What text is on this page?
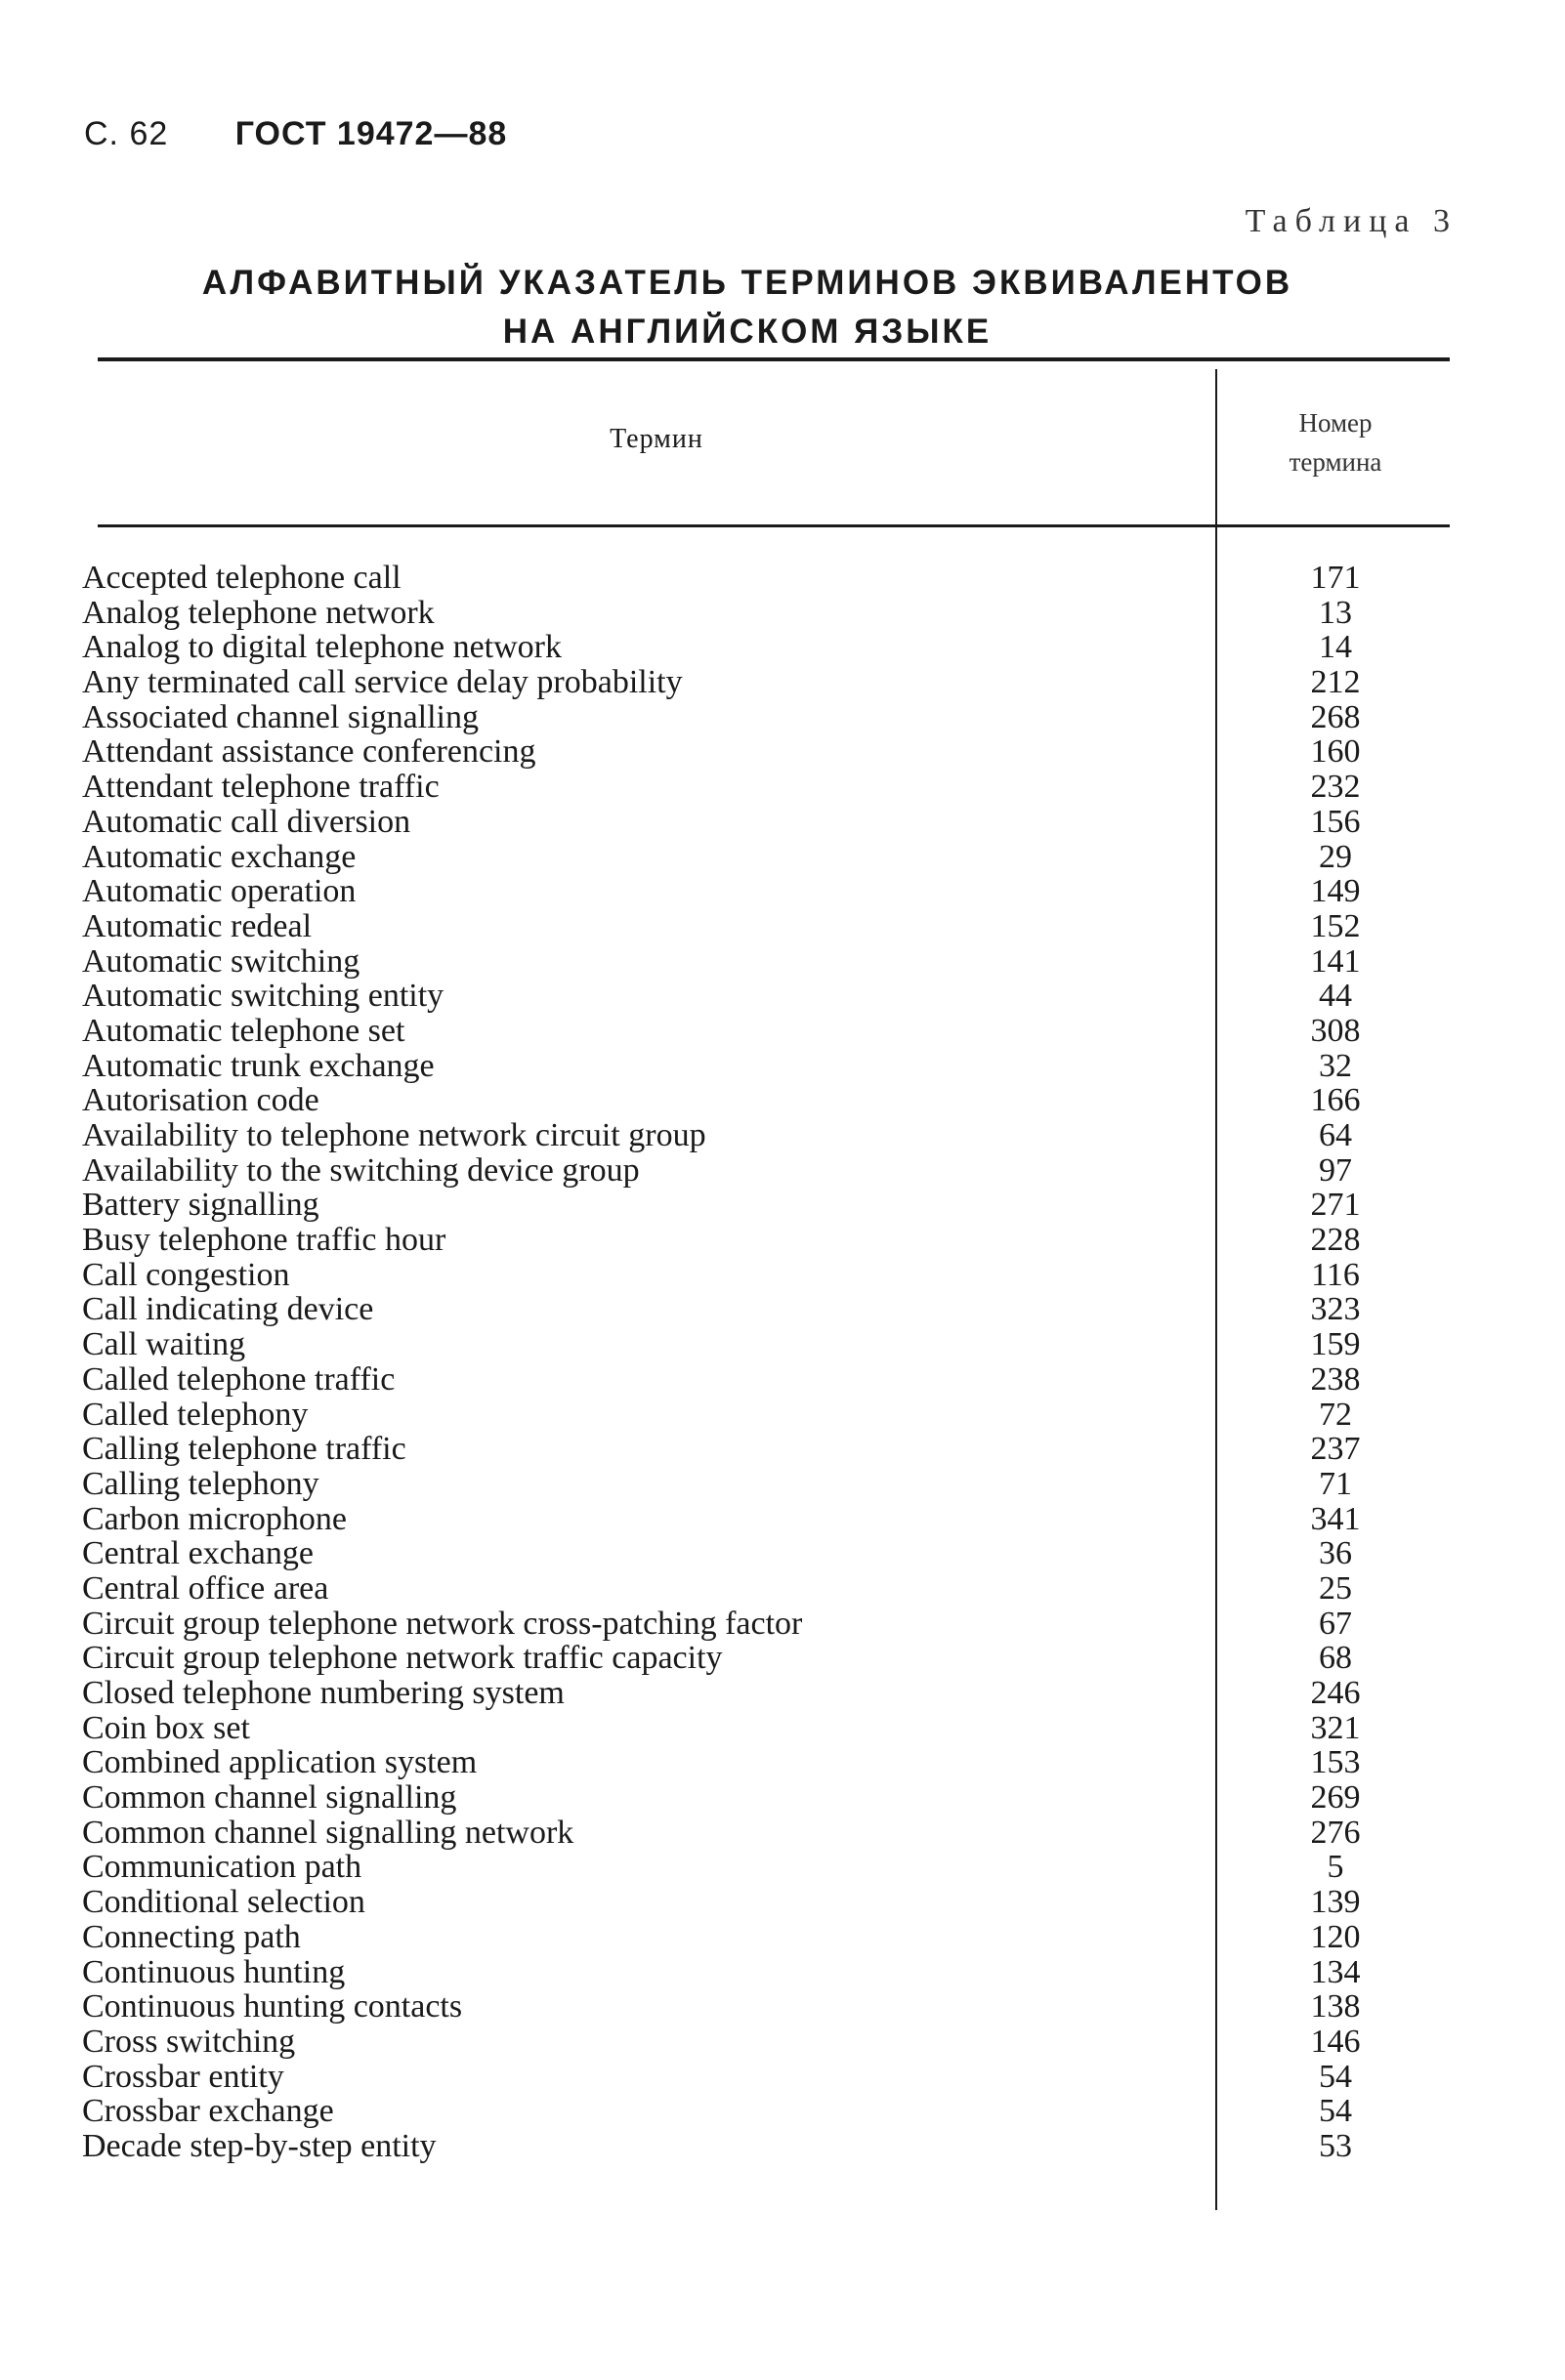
С. 62 ГОСТ 19472—88
Таблица 3
АЛФАВИТНЫЙ УКАЗАТЕЛЬ ТЕРМИНОВ ЭКВИВАЛЕНТОВ
НА АНГЛИЙСКОМ ЯЗЫКЕ
Термин
Номер
термина
Accepted telephone call	171
Analog telephone network	13
Analog to digital telephone network	14
Any terminated call service delay probability	212
Associated channel signalling	268
Attendant assistance conferencing	160
Attendant telephone traffic	232
Automatic call diversion	156
Automatic exchange	29
Automatic operation	149
Automatic redeal	152
Automatic switching	141
Automatic switching entity	44
Automatic telephone set	308
Automatic trunk exchange	32
Autorisation code	166
Availability to telephone network circuit group	64
Availability to the switching device group	97
Battery signalling	271
Busy telephone traffic hour	228
Call congestion	116
Call indicating device	323
Call waiting	159
Called telephone traffic	238
Called telephony	72
Calling telephone traffic	237
Calling telephony	71
Carbon microphone	341
Central exchange	36
Central office area	25
Circuit group telephone network cross-patching factor	67
Circuit group telephone network traffic capacity	68
Closed telephone numbering system	246
Coin box set	321
Combined application system	153
Common channel signalling	269
Common channel signalling network	276
Communication path	5
Conditional selection	139
Connecting path	120
Continuous hunting	134
Continuous hunting contacts	138
Cross switching	146
Crossbar entity	54
Crossbar exchange	54
Decade step-by-step entity	53
